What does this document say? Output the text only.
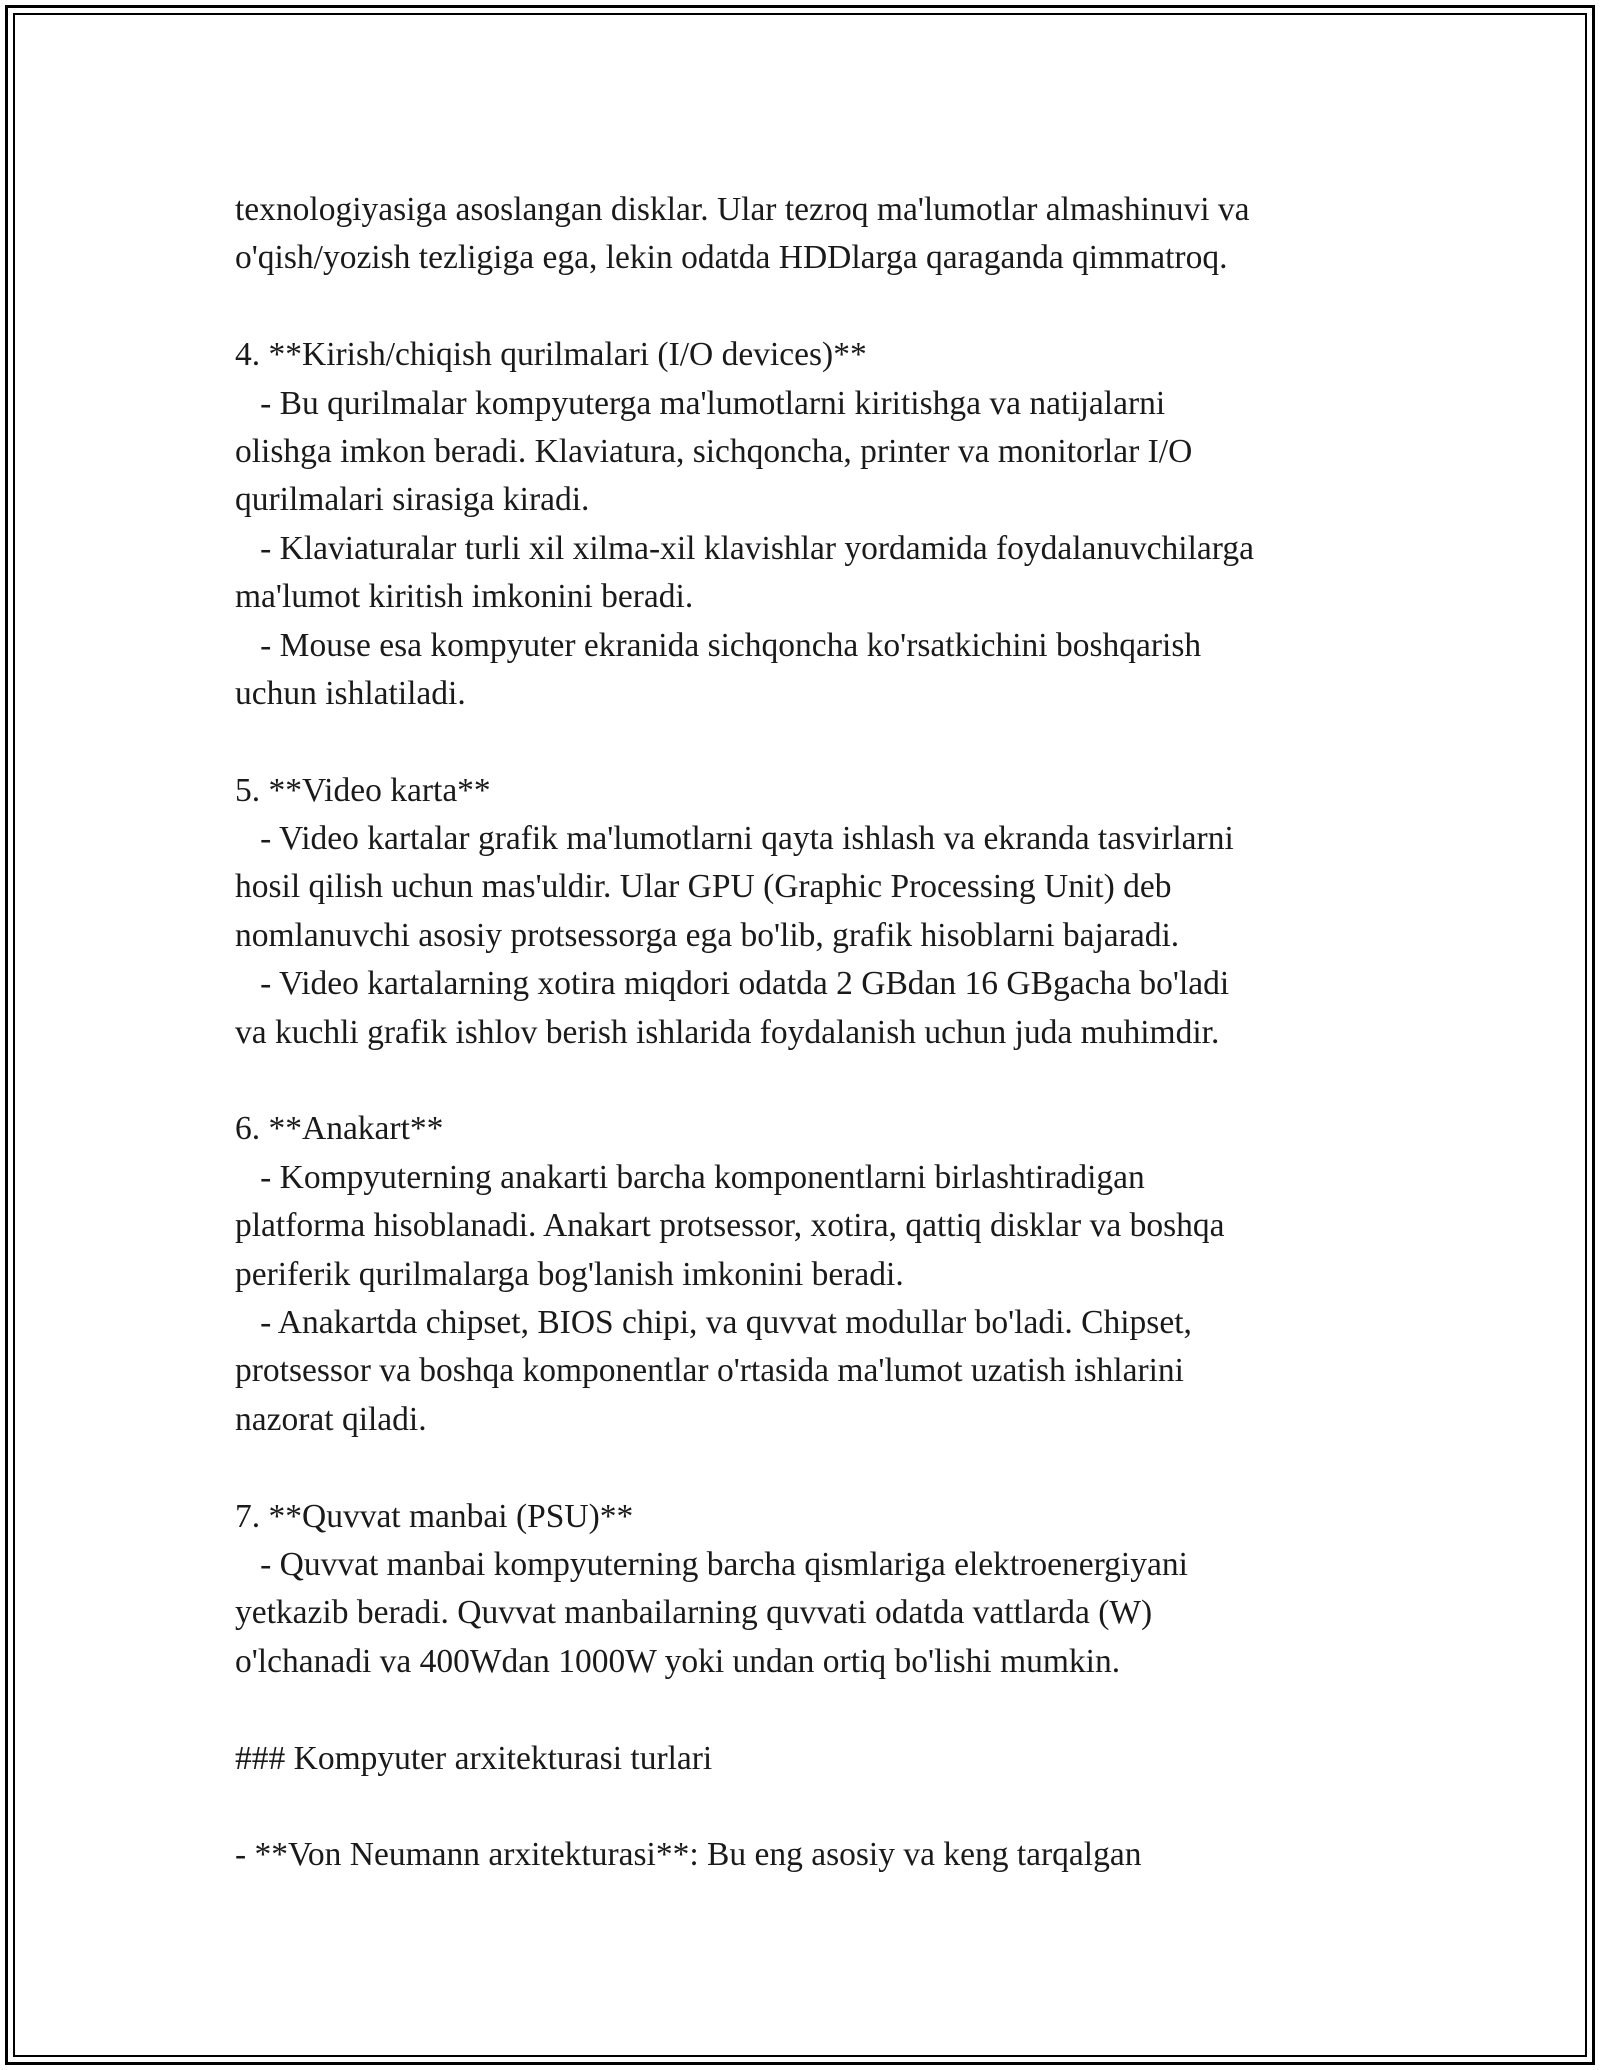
texnologiyasiga asoslangan disklar. Ular tezroq ma'lumotlar almashinuvi va
o'qish/yozish tezligiga ega, lekin odatda HDDlarga qaraganda qimmatroq.
4. **Kirish/chiqish qurilmalari (I/O devices)**
- Bu qurilmalar kompyuterga ma'lumotlarni kiritishga va natijalarni
olishga imkon beradi. Klaviatura, sichqoncha, printer va monitorlar I/O
qurilmalari sirasiga kiradi.
- Klaviaturalar turli xil xilma-xil klavishlar yordamida foydalanuvchilarga
ma'lumot kiritish imkonini beradi.
- Mouse esa kompyuter ekranida sichqoncha ko'rsatkichini boshqarish
uchun ishlatiladi.
5. **Video karta**
- Video kartalar grafik ma'lumotlarni qayta ishlash va ekranda tasvirlarni
hosil qilish uchun mas'uldir. Ular GPU (Graphic Processing Unit) deb
nomlanuvchi asosiy protsessorga ega bo'lib, grafik hisoblarni bajaradi.
- Video kartalarning xotira miqdori odatda 2 GBdan 16 GBgacha bo'ladi
va kuchli grafik ishlov berish ishlarida foydalanish uchun juda muhimdir.
6. **Anakart**
- Kompyuterning anakarti barcha komponentlarni birlashtiradigan
platforma hisoblanadi. Anakart protsessor, xotira, qattiq disklar va boshqa
periferik qurilmalarga bog'lanish imkonini beradi.
- Anakartda chipset, BIOS chipi, va quvvat modullar bo'ladi. Chipset,
protsessor va boshqa komponentlar o'rtasida ma'lumot uzatish ishlarini
nazorat qiladi.
7. **Quvvat manbai (PSU)**
- Quvvat manbai kompyuterning barcha qismlariga elektroenergiyani
yetkazib beradi. Quvvat manbailarning quvvati odatda vattlarda (W)
o'lchanadi va 400Wdan 1000W yoki undan ortiq bo'lishi mumkin.
### Kompyuter arxitekturasi turlari
- **Von Neumann arxitekturasi**: Bu eng asosiy va keng tarqalgan
